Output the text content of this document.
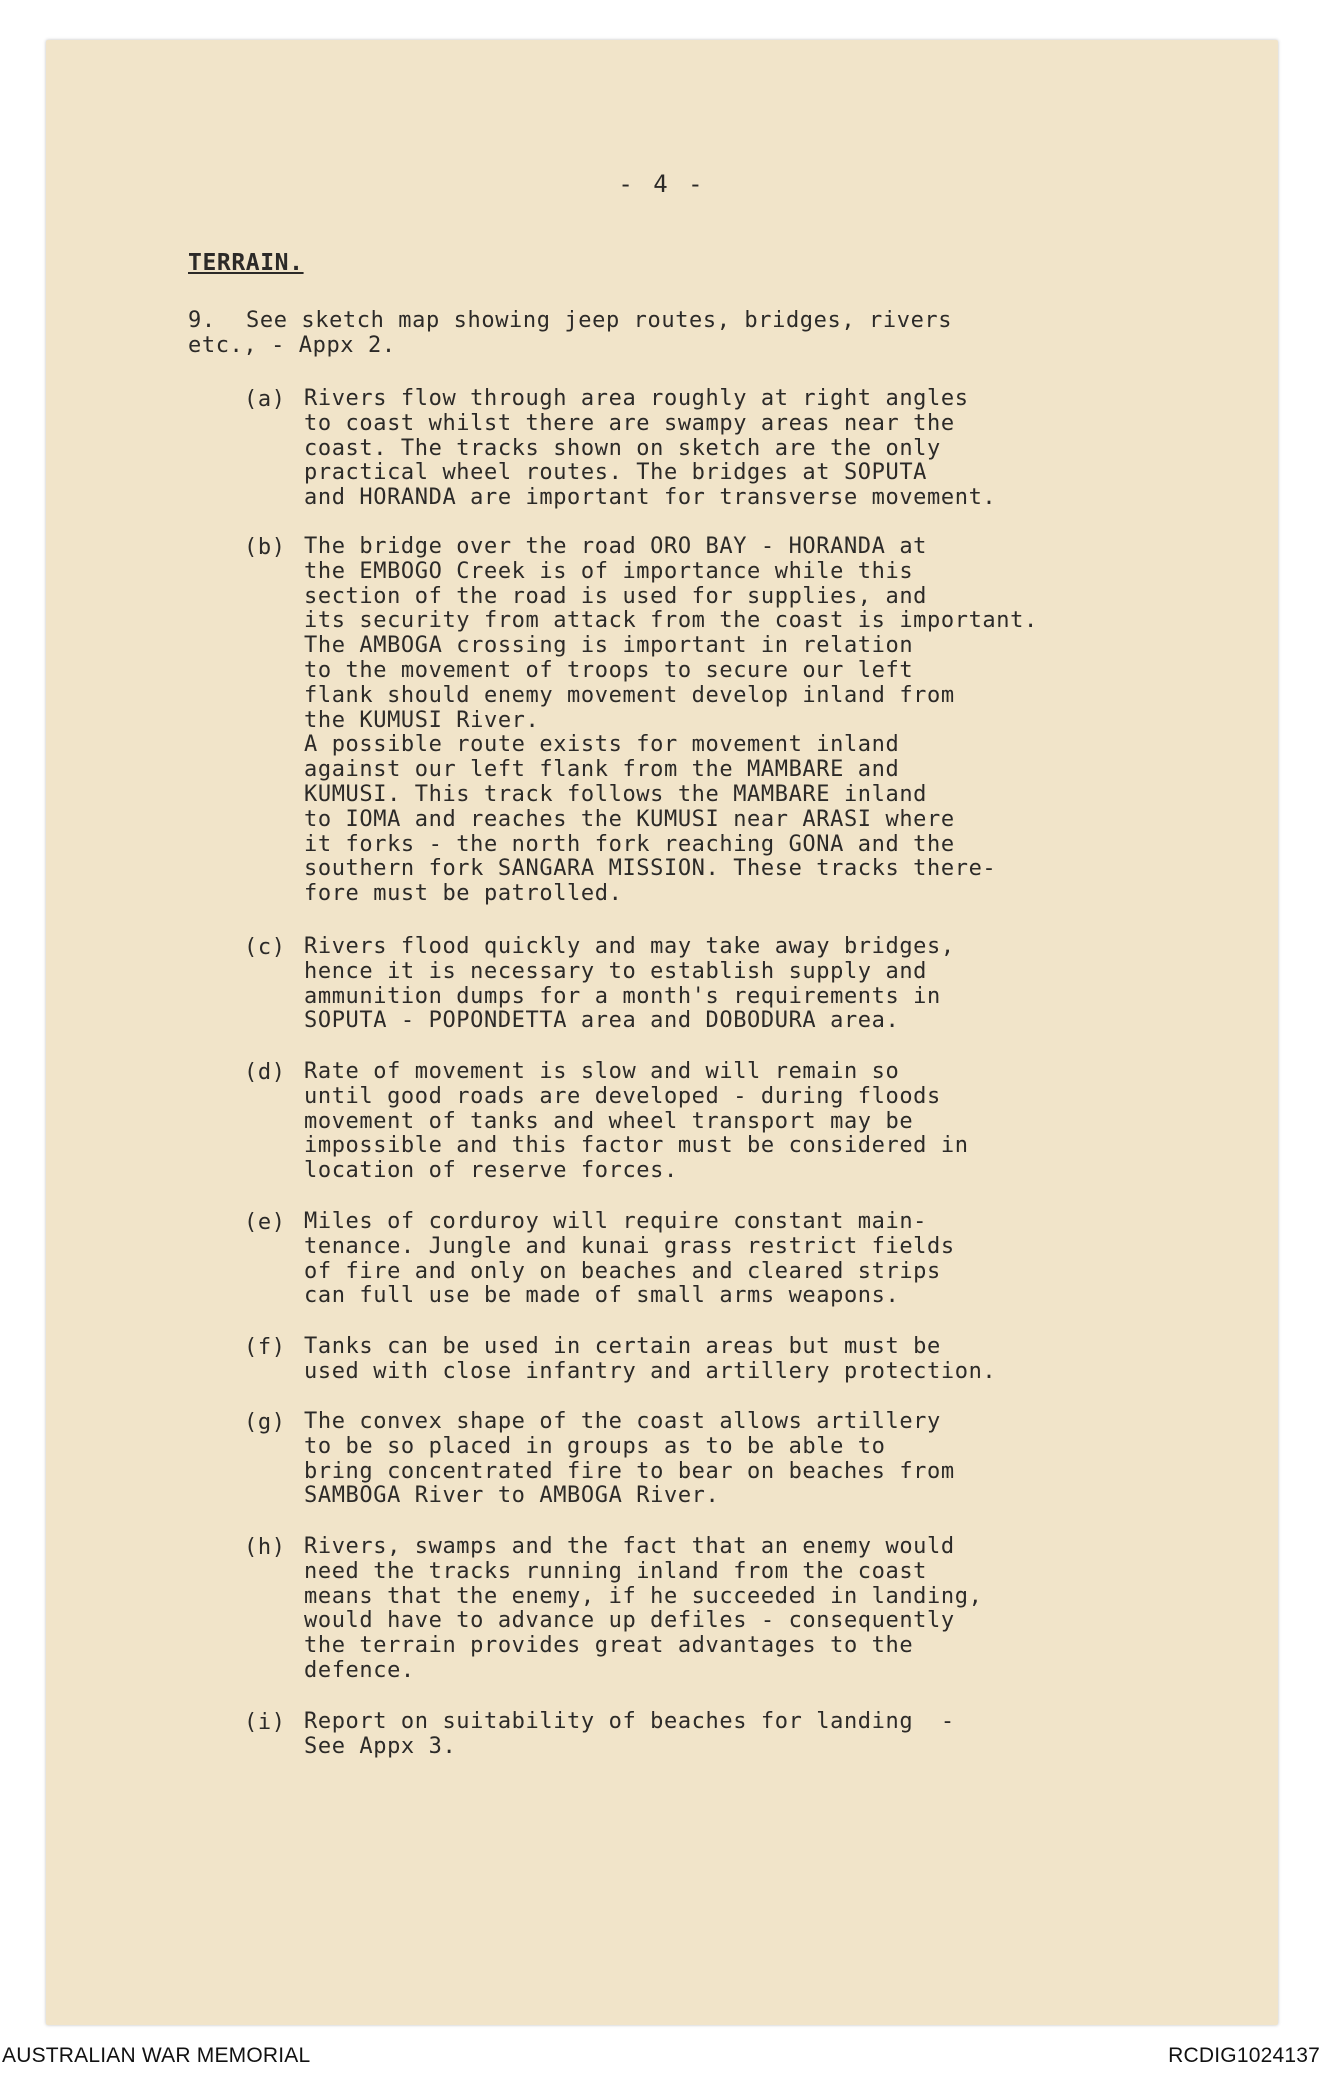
- 4 -
TERRAIN.
9. See sketch map showing jeep routes, bridges, rivers
etc., - Appx 2.
(a) Rivers flow through area roughly at right angles
to coast whilst there are swampy areas near the
coast. The tracks shown on sketch are the only
practical wheel routes. The bridges at SOPUTA
and HORANDA are important for transverse movement.
(b) The bridge over the road ORO BAY - HORANDA at
the EMBOGO Creek is of importance while this
section of the road is used for supplies, and
its security from attack from the coast is important.
The AMBOGA crossing is important in relation
to the movement of troops to secure our left
flank should enemy movement develop inland from
the KUMUSI River.
A possible route exists for movement inland
against our left flank from the MAMBARE and
KUMUSI. This track follows the MAMBARE inland
to IOMA and reaches the KUMUSI near ARASI where
it forks - the north fork reaching GONA and the
southern fork SANGARA MISSION. These tracks there-
fore must be patrolled.
(c) Rivers flood quickly and may take away bridges,
hence it is necessary to establish supply and
ammunition dumps for a month's requirements in
SOPUTA - POPONDETTA area and DOBODURA area.
(d) Rate of movement is slow and will remain so
until good roads are developed - during floods
movement of tanks and wheel transport may be
impossible and this factor must be considered in
location of reserve forces.
(e) Miles of corduroy will require constant main-
tenance. Jungle and kunai grass restrict fields
of fire and only on beaches and cleared strips
can full use be made of small arms weapons.
(f) Tanks can be used in certain areas but must be
used with close infantry and artillery protection.
(g) The convex shape of the coast allows artillery
to be so placed in groups as to be able to
bring concentrated fire to bear on beaches from
SAMBOGA River to AMBOGA River.
(h) Rivers, swamps and the fact that an enemy would
need the tracks running inland from the coast
means that the enemy, if he succeeded in landing,
would have to advance up defiles - consequently
the terrain provides great advantages to the
defence.
(i) Report on suitability of beaches for landing  -
See Appx 3.
AUSTRALIAN WAR MEMORIAL	RCDIG1024137
